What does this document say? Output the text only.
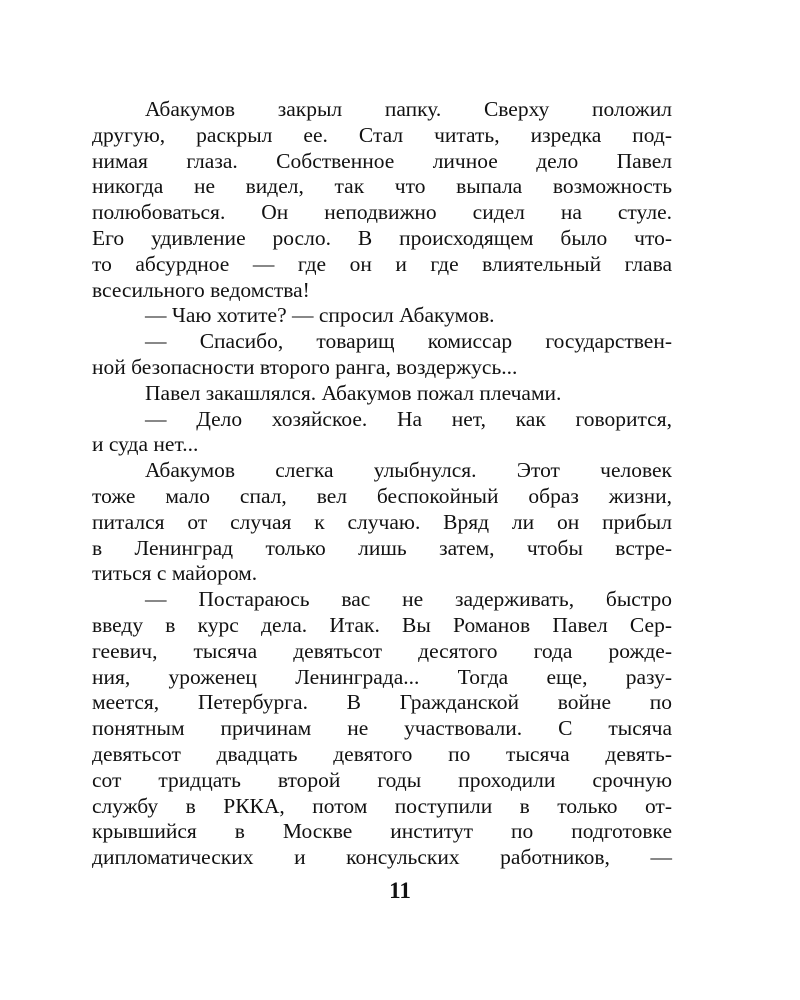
Абакумов закрыл папку. Сверху положил
другую, раскрыл ее. Стал читать, изредка под-
нимая глаза. Собственное личное дело Павел
никогда не видел, так что выпала возможность
полюбоваться. Он неподвижно сидел на стуле.
Его удивление росло. В происходящем было что-
то абсурдное — где он и где влиятельный глава
всесильного ведомства!
— Чаю хотите? — спросил Абакумов.
— Спасибо, товарищ комиссар государствен-
ной безопасности второго ранга, воздержусь...
Павел закашлялся. Абакумов пожал плечами.
— Дело хозяйское. На нет, как говорится,
и суда нет...
Абакумов слегка улыбнулся. Этот человек
тоже мало спал, вел беспокойный образ жизни,
питался от случая к случаю. Вряд ли он прибыл
в Ленинград только лишь затем, чтобы встре-
титься с майором.
— Постараюсь вас не задерживать, быстро
введу в курс дела. Итак. Вы Романов Павел Сер-
геевич, тысяча девятьсот десятого года рожде-
ния, уроженец Ленинграда... Тогда еще, разу-
меется, Петербурга. В Гражданской войне по
понятным причинам не участвовали. С тысяча
девятьсот двадцать девятого по тысяча девять-
сот тридцать второй годы проходили срочную
службу в РККА, потом поступили в только от-
крывшийся в Москве институт по подготовке
дипломатических и консульских работников, —
11
